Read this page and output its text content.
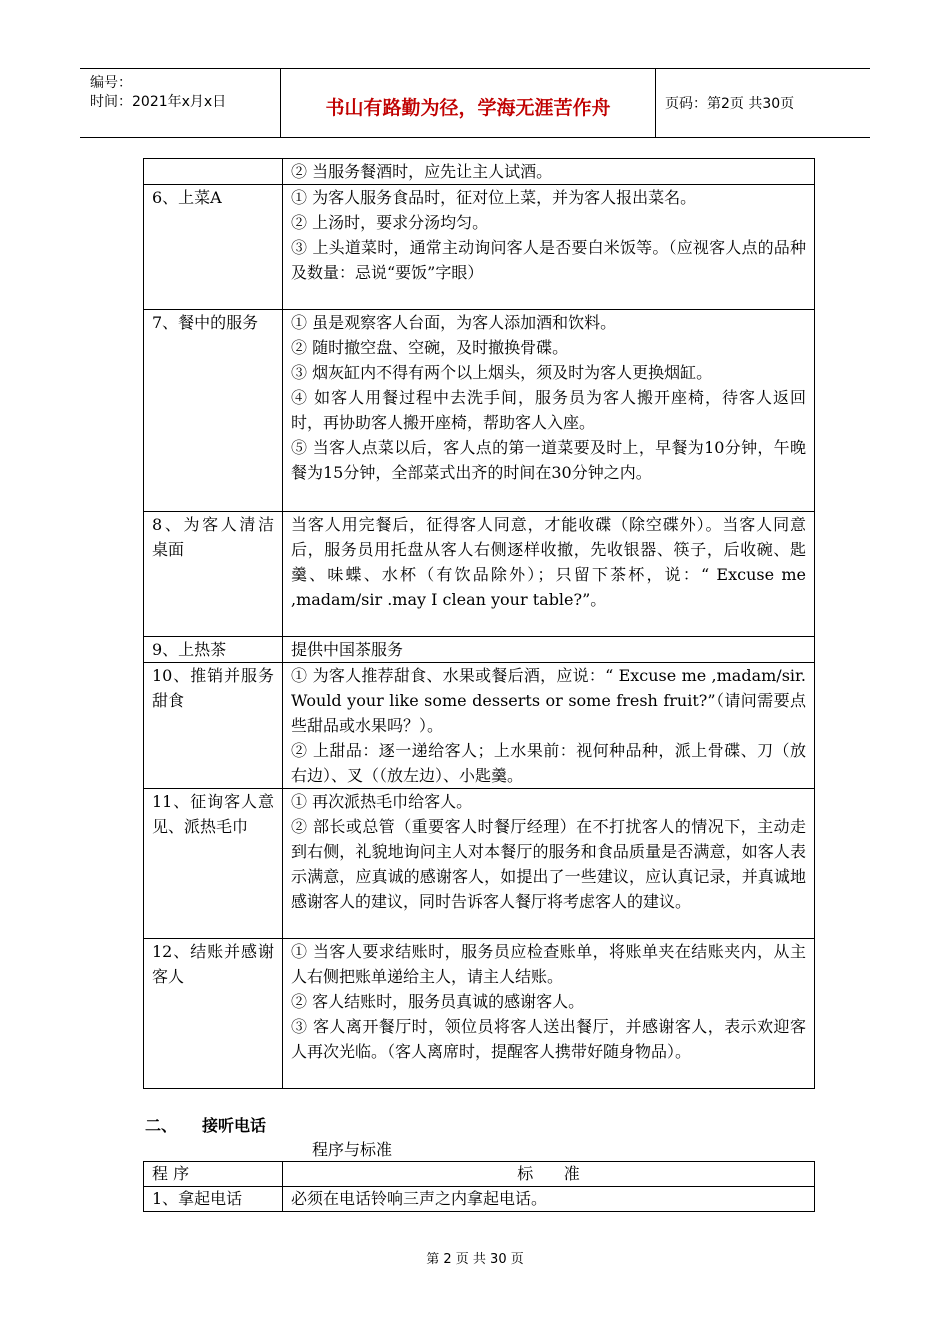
编号：
时间：2021年x月x日	书山有路勤为径，学海无涯苦作舟	页码：第2页 共30页

	② 当服务餐酒时，应先让主人试酒。

6、上菜A	① 为客人服务食品时，征对位上菜，并为客人报出菜名。
② 上汤时，要求分汤均匀。
③ 上头道菜时，通常主动询问客人是否要白米饭等。（应视客人点的品种及数量：忌说“要饭”字眼）

7、餐中的服务	① 虽是观察客人台面，为客人添加酒和饮料。
② 随时撤空盘、空碗，及时撤换骨碟。
③ 烟灰缸内不得有两个以上烟头，须及时为客人更换烟缸。
④ 如客人用餐过程中去洗手间，服务员为客人搬开座椅，待客人返回时，再协助客人搬开座椅，帮助客人入座。
⑤ 当客人点菜以后，客人点的第一道菜要及时上，早餐为10分钟，午晚餐为15分钟，全部菜式出齐的时间在30分钟之内。

8、为客人清洁桌面	当客人用完餐后，征得客人同意，才能收碟（除空碟外）。当客人同意后，服务员用托盘从客人右侧逐样收撤，先收银器、筷子，后收碗、匙羹、味蝶、水杯（有饮品除外）；只留下茶杯，说：“ Excuse me ,madam/sir .may I clean your table?”。

9、上热茶	提供中国茶服务

10、推销并服务甜食	① 为客人推荐甜食、水果或餐后酒，应说：“ Excuse me ,madam/sir. Would your like some desserts or some fresh fruit?”（请问需要点些甜品或水果吗？）。
② 上甜品：逐一递给客人；上水果前：视何种品种，派上骨碟、刀（放右边）、叉（（放左边）、小匙羹。

11、征询客人意见、派热毛巾	① 再次派热毛巾给客人。
② 部长或总管（重要客人时餐厅经理）在不打扰客人的情况下，主动走到右侧，礼貌地询问主人对本餐厅的服务和食品质量是否满意，如客人表示满意，应真诚的感谢客人，如提出了一些建议，应认真记录，并真诚地感谢客人的建议，同时告诉客人餐厅将考虑客人的建议。

12、结账并感谢客人	① 当客人要求结账时，服务员应检查账单，将账单夹在结账夹内，从主人右侧把账单递给主人，请主人结账。
② 客人结账时，服务员真诚的感谢客人。
③ 客人离开餐厅时，领位员将客人送出餐厅，并感谢客人，表示欢迎客人再次光临。（客人离席时，提醒客人携带好随身物品）。
二、 接听电话
程序与标准
程 序	标      准
1、拿起电话	必须在电话铃响三声之内拿起电话。
第 2 页 共 30 页
